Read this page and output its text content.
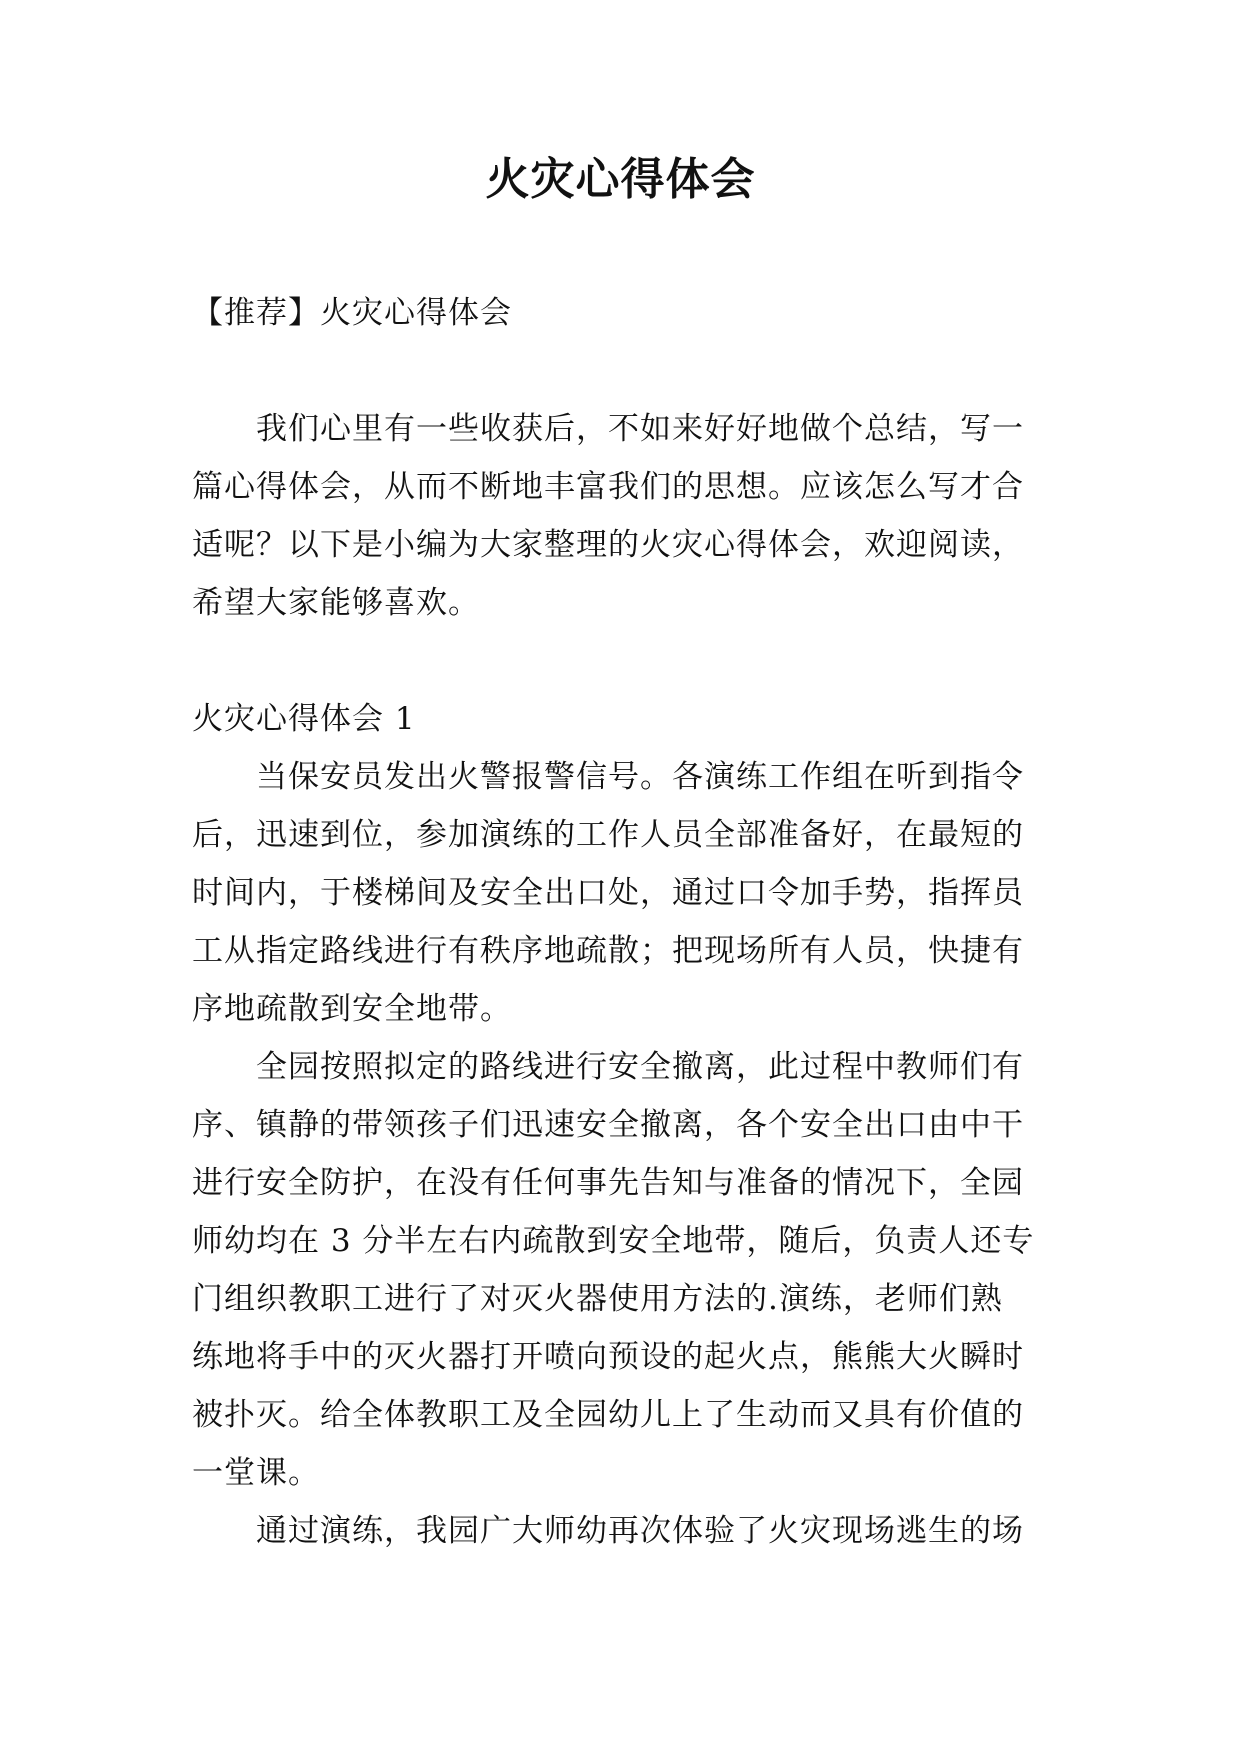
火灾心得体会
【推荐】火灾心得体会
我们心里有一些收获后，不如来好好地做个总结，写一
篇心得体会，从而不断地丰富我们的思想。应该怎么写才合
适呢？以下是小编为大家整理的火灾心得体会，欢迎阅读，
希望大家能够喜欢。
火灾心得体会 1
当保安员发出火警报警信号。各演练工作组在听到指令
后，迅速到位，参加演练的工作人员全部准备好，在最短的
时间内，于楼梯间及安全出口处，通过口令加手势，指挥员
工从指定路线进行有秩序地疏散；把现场所有人员，快捷有
序地疏散到安全地带。
全园按照拟定的路线进行安全撤离，此过程中教师们有
序、镇静的带领孩子们迅速安全撤离，各个安全出口由中干
进行安全防护，在没有任何事先告知与准备的情况下，全园
师幼均在 3 分半左右内疏散到安全地带，随后，负责人还专
门组织教职工进行了对灭火器使用方法的.演练，老师们熟
练地将手中的灭火器打开喷向预设的起火点，熊熊大火瞬时
被扑灭。给全体教职工及全园幼儿上了生动而又具有价值的
一堂课。
通过演练，我园广大师幼再次体验了火灾现场逃生的场
